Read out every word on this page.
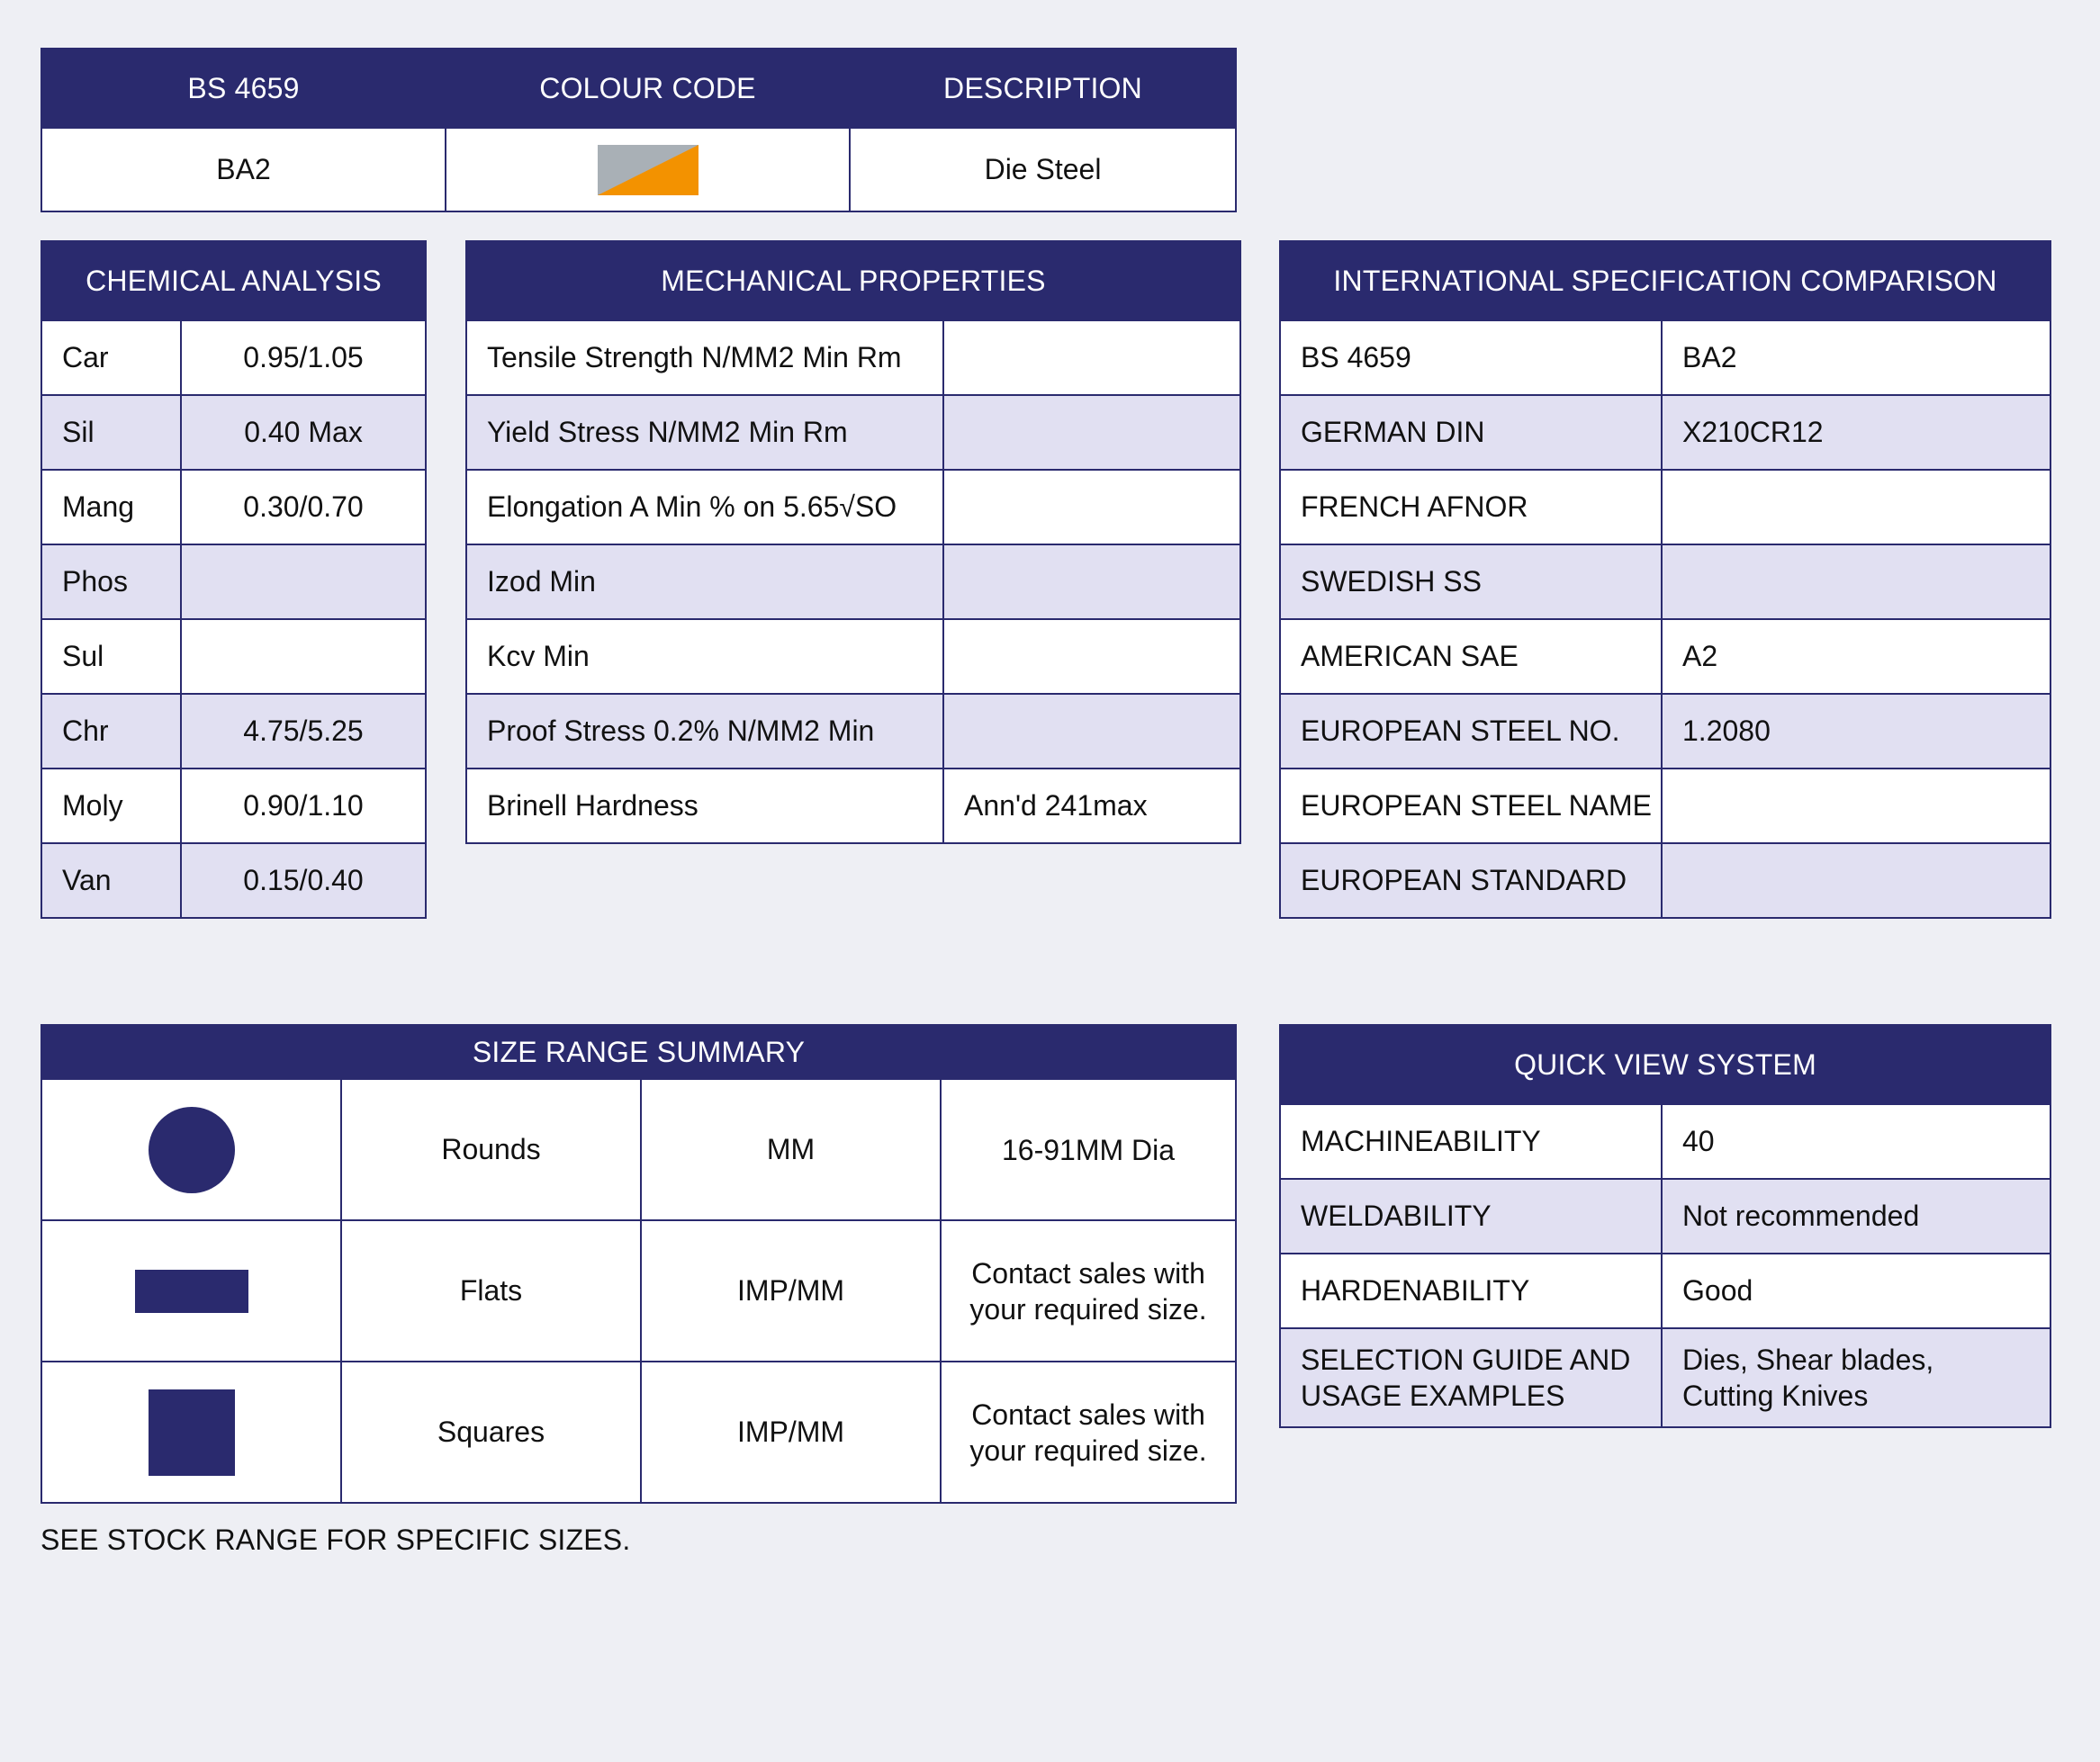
BS 4659	COLOUR CODE	DESCRIPTION
BA2		Die Steel
CHEMICAL ANALYSIS	
Car	0.95/1.05
Sil	0.40 Max
Mang	0.30/0.70
Phos	
Sul	
Chr	4.75/5.25
Moly	0.90/1.10
Van	0.15/0.40
MECHANICAL PROPERTIES	
Tensile Strength N/MM2 Min Rm	
Yield Stress N/MM2 Min Rm	
Elongation A Min % on 5.65√SO	
Izod Min	
Kcv Min	
Proof Stress 0.2% N/MM2 Min	
Brinell Hardness	Ann'd 241max
INTERNATIONAL SPECIFICATION COMPARISON	
BS 4659	BA2
GERMAN DIN	X210CR12
FRENCH AFNOR	
SWEDISH SS	
AMERICAN SAE	A2
EUROPEAN STEEL NO.	1.2080
EUROPEAN STEEL NAME	
EUROPEAN STANDARD	
SIZE RANGE SUMMARY			
	Rounds	MM	16-91MM Dia
	Flats	IMP/MM	Contact sales with your required size.
	Squares	IMP/MM	Contact sales with your required size.
SEE STOCK RANGE FOR SPECIFIC SIZES.
QUICK VIEW SYSTEM	
MACHINEABILITY	40
WELDABILITY	Not recommended
HARDENABILITY	Good
SELECTION GUIDE AND USAGE EXAMPLES	Dies, Shear blades, Cutting Knives
